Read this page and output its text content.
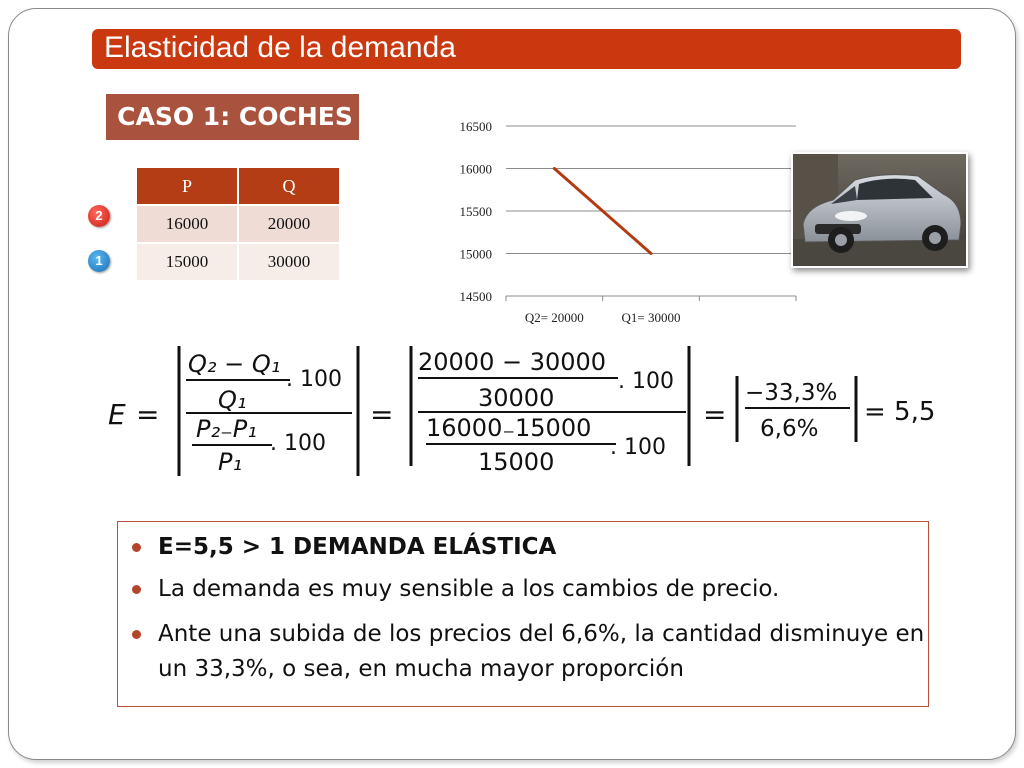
Elasticidad de la demanda
CASO 1: COCHES
2
1
P	Q
16000	20000
15000	30000
16500
16000
15500
15000
14500
Q2= 20000	Q1= 30000
E =
Q₂ − Q₁
Q₁
. 100
P₂₋P₁
P₁
. 100
=
20000 − 30000
30000
. 100
16000₋15000
15000
. 100
=
−33,3%
6,6%
= 5,5
E=5,5 > 1 DEMANDA ELÁSTICA
La demanda es muy sensible a los cambios de precio.
Ante una subida de los precios del 6,6%, la cantidad disminuye en un 33,3%, o sea, en mucha mayor proporción
